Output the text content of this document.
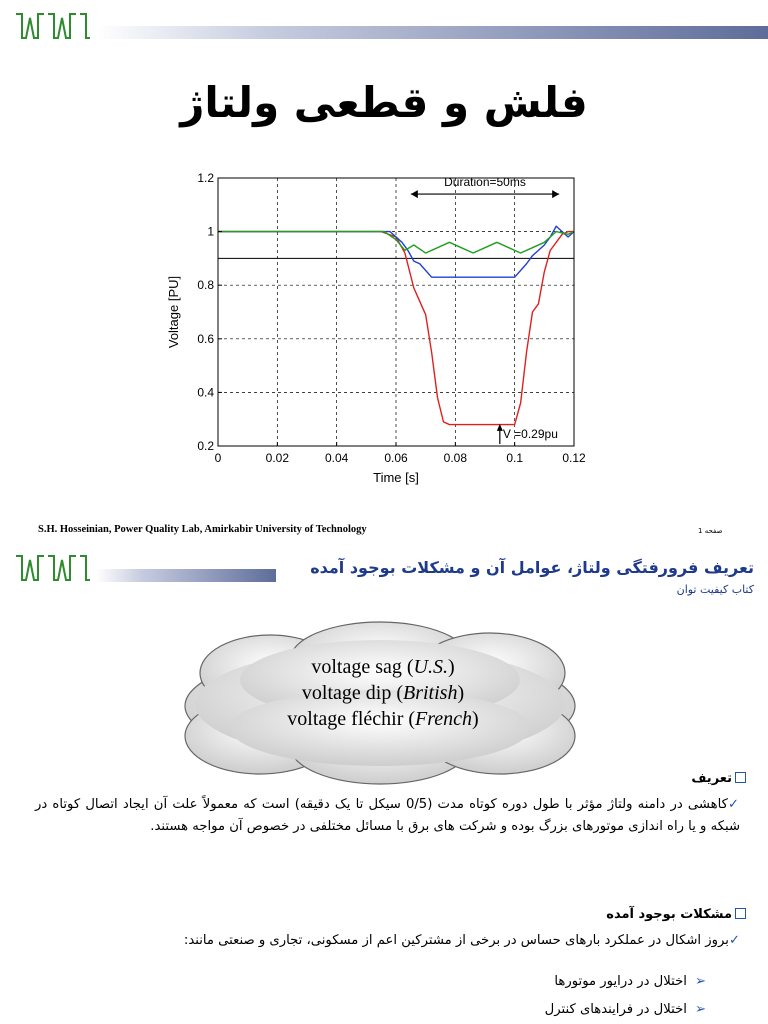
فلش و قطعی ولتاژ
0	0.02	0.04	0.06	0.08	0.1	0.12
0.2
0.4
0.6
0.8
1
1.2
Time [s]
Voltage [PU]
Duration=50ms
V =0.29pu
S.H. Hosseinian, Power Quality Lab, Amirkabir University of Technology	صفحه 1
تعریف فرورفتگی ولتاژ، عوامل آن و مشکلات بوجود آمده
کتاب کیفیت توان
voltage sag (U.S.)
voltage dip (British)
voltage fléchir (French)
تعریف
✓کاهشی در دامنه ولتاژ مؤثر با طول دوره کوتاه مدت (0/5 سیکل تا یک دقیقه) است که معمولاً علت آن ایجاد اتصال کوتاه در شبکه و یا راه اندازی موتورهای بزرگ بوده و شرکت های برق با مسائل مختلفی در خصوص آن مواجه هستند.
مشکلات بوجود آمده
✓بروز اشکال در عملکرد بارهای حساس در برخی از مشترکین اعم از مسکونی، تجاری و صنعتی مانند:
➢اختلال در درایور موتورها
➢اختلال در فرایندهای کنترل
